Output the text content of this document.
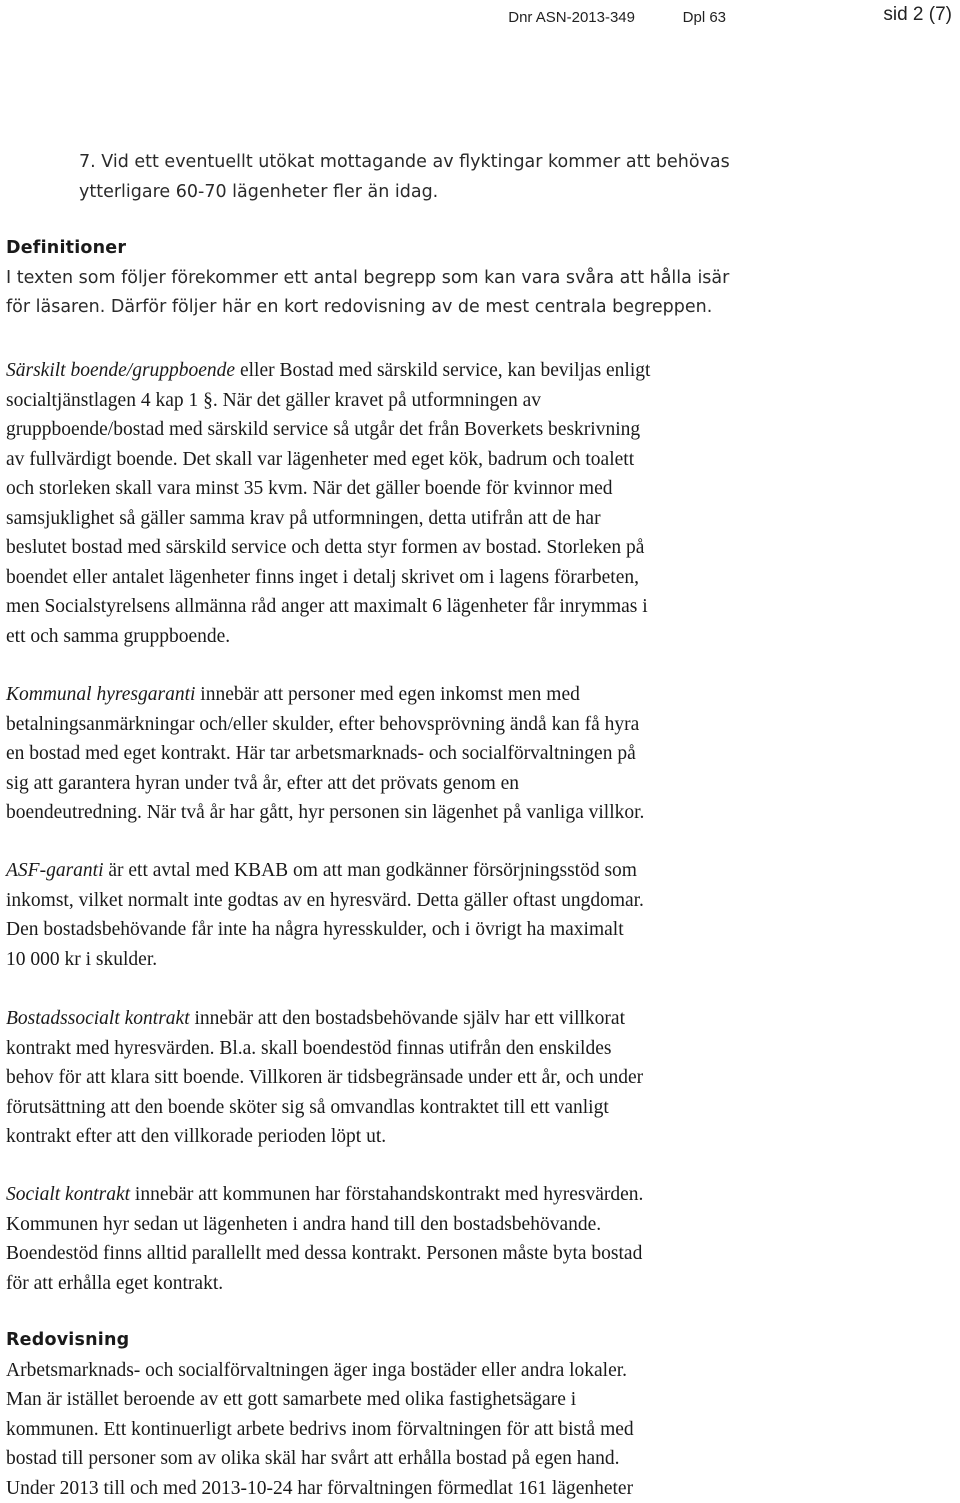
Dnr ASN-2013-349	Dpl 63	sid 2 (7)
7. Vid ett eventuellt utökat mottagande av flyktingar kommer att behövas
ytterligare 60-70 lägenheter fler än idag.
Definitioner
I texten som följer förekommer ett antal begrepp som kan vara svåra att hålla isär
för läsaren. Därför följer här en kort redovisning av de mest centrala begreppen.
Särskilt boende/gruppboende eller Bostad med särskild service, kan beviljas enligt
socialtjänstlagen 4 kap 1 §. När det gäller kravet på utformningen av
gruppboende/bostad med särskild service så utgår det från Boverkets beskrivning
av fullvärdigt boende. Det skall var lägenheter med eget kök, badrum och toalett
och storleken skall vara minst 35 kvm. När det gäller boende för kvinnor med
samsjuklighet så gäller samma krav på utformningen, detta utifrån att de har
beslutet bostad med särskild service och detta styr formen av bostad. Storleken på
boendet eller antalet lägenheter finns inget i detalj skrivet om i lagens förarbeten,
men Socialstyrelsens allmänna råd anger att maximalt 6 lägenheter får inrymmas i
ett och samma gruppboende.
Kommunal hyresgaranti innebär att personer med egen inkomst men med
betalningsanmärkningar och/eller skulder, efter behovsprövning ändå kan få hyra
en bostad med eget kontrakt. Här tar arbetsmarknads- och socialförvaltningen på
sig att garantera hyran under två år, efter att det prövats genom en
boendeutredning. När två år har gått, hyr personen sin lägenhet på vanliga villkor.
ASF-garanti är ett avtal med KBAB om att man godkänner försörjningsstöd som
inkomst, vilket normalt inte godtas av en hyresvärd. Detta gäller oftast ungdomar.
Den bostadsbehövande får inte ha några hyresskulder, och i övrigt ha maximalt
10 000 kr i skulder.
Bostadssocialt kontrakt innebär att den bostadsbehövande själv har ett villkorat
kontrakt med hyresvärden. Bl.a. skall boendestöd finnas utifrån den enskildes
behov för att klara sitt boende. Villkoren är tidsbegränsade under ett år, och under
förutsättning att den boende sköter sig så omvandlas kontraktet till ett vanligt
kontrakt efter att den villkorade perioden löpt ut.
Socialt kontrakt innebär att kommunen har förstahandskontrakt med hyresvärden.
Kommunen hyr sedan ut lägenheten i andra hand till den bostadsbehövande.
Boendestöd finns alltid parallellt med dessa kontrakt. Personen måste byta bostad
för att erhålla eget kontrakt.
Redovisning
Arbetsmarknads- och socialförvaltningen äger inga bostäder eller andra lokaler.
Man är istället beroende av ett gott samarbete med olika fastighetsägare i
kommunen. Ett kontinuerligt arbete bedrivs inom förvaltningen för att bistå med
bostad till personer som av olika skäl har svårt att erhålla bostad på egen hand.
Under 2013 till och med 2013-10-24 har förvaltningen förmedlat 161 lägenheter
